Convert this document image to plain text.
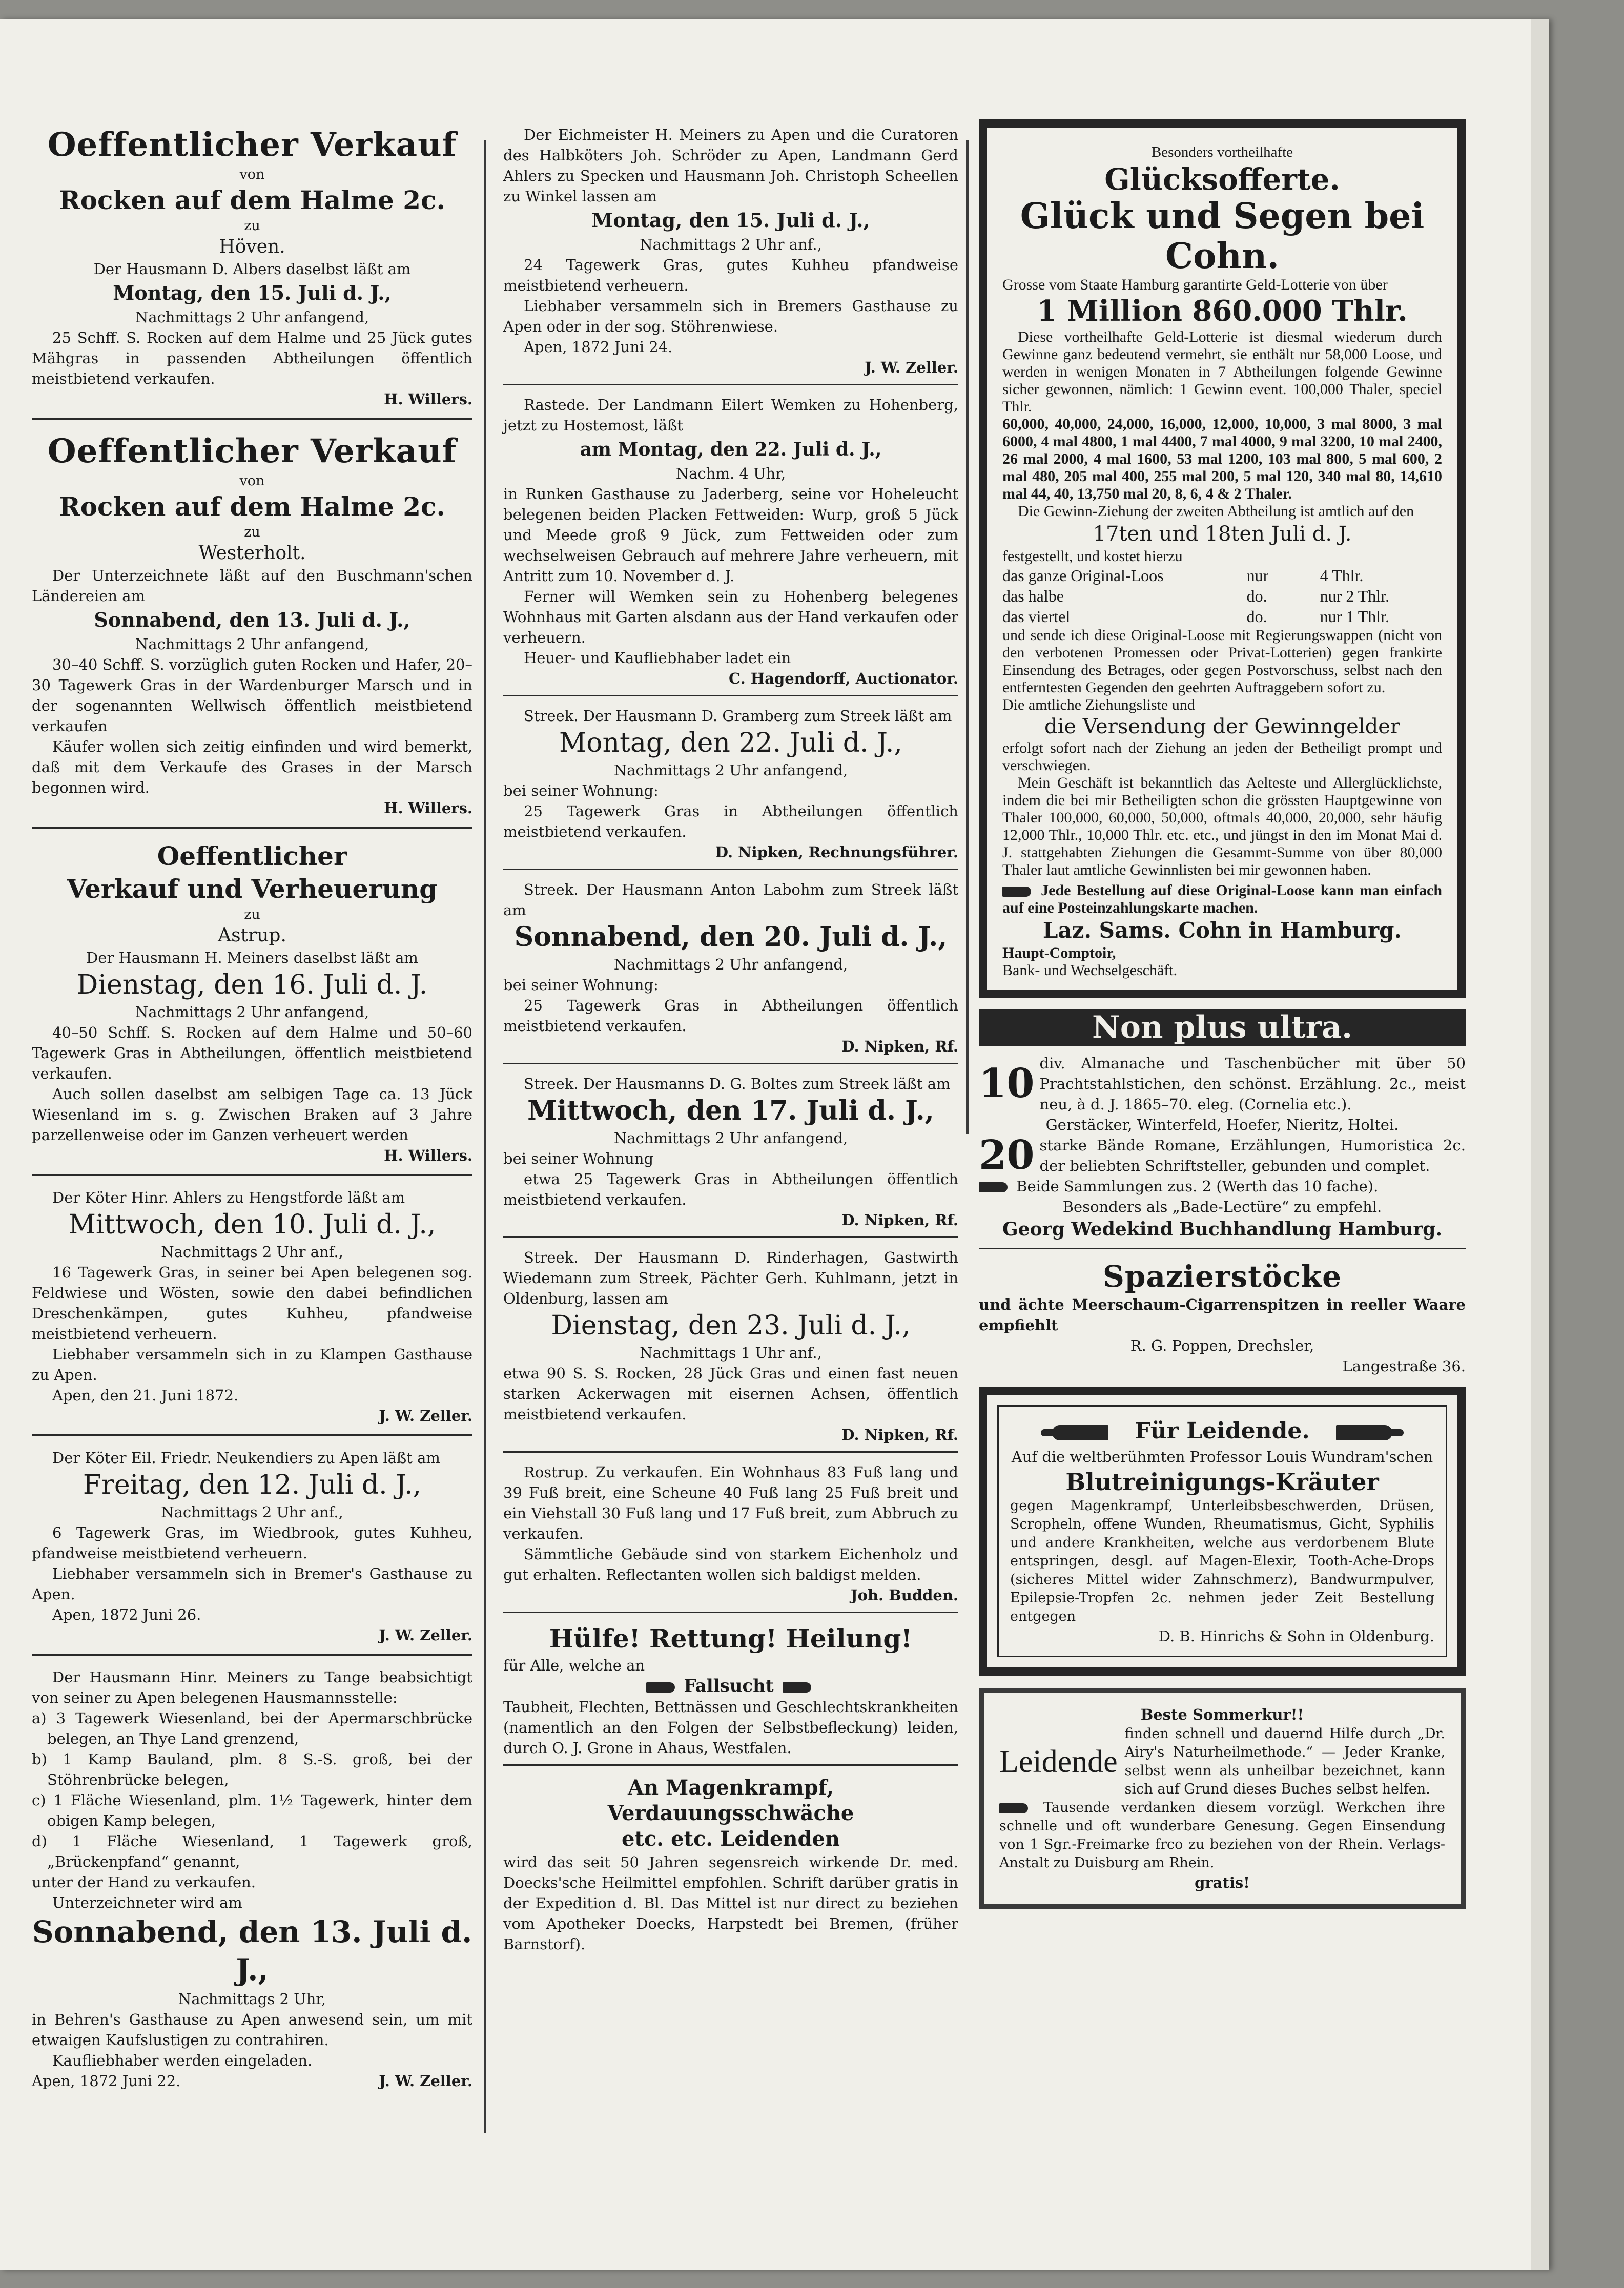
Oeffentlicher Verkauf

von

Rocken auf dem Halme 2c.

zu

Höven.

Der Hausmann D. Albers daselbst läßt am

Montag, den 15. Juli d. J.,

Nachmittags 2 Uhr anfangend,

25 Schff. S. Rocken auf dem Halme und 25 Jück gutes Mähgras in passenden Abtheilungen öffentlich meistbietend verkaufen.

H. Willers.

Oeffentlicher Verkauf

von

Rocken auf dem Halme 2c.

zu

Westerholt.

Der Unterzeichnete läßt auf den Buschmann'schen Ländereien am

Sonnabend, den 13. Juli d. J.,

Nachmittags 2 Uhr anfangend,

30–40 Schff. S. vorzüglich guten Rocken und Hafer, 20–30 Tagewerk Gras in der Wardenburger Marsch und in der sogenannten Wellwisch öffentlich meistbietend verkaufen

Käufer wollen sich zeitig einfinden und wird bemerkt, daß mit dem Verkaufe des Grases in der Marsch begonnen wird.

H. Willers.

Oeffentlicher

Verkauf und Verheuerung

zu

Astrup.

Der Hausmann H. Meiners daselbst läßt am

Dienstag, den 16. Juli d. J.

Nachmittags 2 Uhr anfangend,

40–50 Schff. S. Rocken auf dem Halme und 50–60 Tagewerk Gras in Abtheilungen, öffentlich meistbietend verkaufen.

Auch sollen daselbst am selbigen Tage ca. 13 Jück Wiesenland im s. g. Zwischen Braken auf 3 Jahre parzellenweise oder im Ganzen verheuert werden

H. Willers.

Der Köter Hinr. Ahlers zu Hengstforde läßt am

Mittwoch, den 10. Juli d. J.,

Nachmittags 2 Uhr anf.,

16 Tagewerk Gras, in seiner bei Apen belegenen sog. Feldwiese und Wösten, sowie den dabei befindlichen Dreschenkämpen, gutes Kuhheu, pfandweise meistbietend verheuern.

Liebhaber versammeln sich in zu Klampen Gasthause zu Apen.

Apen, den 21. Juni 1872.

J. W. Zeller.

Der Köter Eil. Friedr. Neukendiers zu Apen läßt am

Freitag, den 12. Juli d. J.,

Nachmittags 2 Uhr anf.,

6 Tagewerk Gras, im Wiedbrook, gutes Kuhheu, pfandweise meistbietend verheuern.

Liebhaber versammeln sich in Bremer's Gasthause zu Apen.

Apen, 1872 Juni 26.

J. W. Zeller.

Der Hausmann Hinr. Meiners zu Tange beabsichtigt von seiner zu Apen belegenen Hausmannsstelle:

a) 3 Tagewerk Wiesenland, bei der Apermarschbrücke belegen, an Thye Land grenzend,

b) 1 Kamp Bauland, plm. 8 S.-S. groß, bei der Stöhrenbrücke belegen,

c) 1 Fläche Wiesenland, plm. 1½ Tagewerk, hinter dem obigen Kamp belegen,

d) 1 Fläche Wiesenland, 1 Tagewerk groß, „Brückenpfand“ genannt,

unter der Hand zu verkaufen.

Unterzeichneter wird am

Sonnabend, den 13. Juli d. J.,

Nachmittags 2 Uhr,

in Behren's Gasthause zu Apen anwesend sein, um mit etwaigen Kaufslustigen zu contrahiren.

Kaufliebhaber werden eingeladen.

Apen, 1872 Juni 22.	J. W. Zeller.

Der Eichmeister H. Meiners zu Apen und die Curatoren des Halbköters Joh. Schröder zu Apen, Landmann Gerd Ahlers zu Specken und Hausmann Joh. Christoph Scheellen zu Winkel lassen am

Montag, den 15. Juli d. J.,

Nachmittags 2 Uhr anf.,

24 Tagewerk Gras, gutes Kuhheu pfandweise meistbietend verheuern.

Liebhaber versammeln sich in Bremers Gasthause zu Apen oder in der sog. Stöhrenwiese.

Apen, 1872 Juni 24.

J. W. Zeller.

Rastede. Der Landmann Eilert Wemken zu Hohenberg, jetzt zu Hostemost, läßt

am Montag, den 22. Juli d. J.,

Nachm. 4 Uhr,

in Runken Gasthause zu Jaderberg, seine vor Hoheleucht belegenen beiden Placken Fettweiden: Wurp, groß 5 Jück und Meede groß 9 Jück, zum Fettweiden oder zum wechselweisen Gebrauch auf mehrere Jahre verheuern, mit Antritt zum 10. November d. J.

Ferner will Wemken sein zu Hohenberg belegenes Wohnhaus mit Garten alsdann aus der Hand verkaufen oder verheuern.

Heuer- und Kaufliebhaber ladet ein

C. Hagendorff, Auctionator.

Streek. Der Hausmann D. Gramberg zum Streek läßt am

Montag, den 22. Juli d. J.,

Nachmittags 2 Uhr anfangend,

bei seiner Wohnung:

25 Tagewerk Gras in Abtheilungen öffentlich meistbietend verkaufen.

D. Nipken, Rechnungsführer.

Streek. Der Hausmann Anton Labohm zum Streek läßt am

Sonnabend, den 20. Juli d. J.,

Nachmittags 2 Uhr anfangend,

bei seiner Wohnung:

25 Tagewerk Gras in Abtheilungen öffentlich meistbietend verkaufen.

D. Nipken, Rf.

Streek. Der Hausmanns D. G. Boltes zum Streek läßt am

Mittwoch, den 17. Juli d. J.,

Nachmittags 2 Uhr anfangend,

bei seiner Wohnung

etwa 25 Tagewerk Gras in Abtheilungen öffentlich meistbietend verkaufen.

D. Nipken, Rf.

Streek. Der Hausmann D. Rinderhagen, Gastwirth Wiedemann zum Streek, Pächter Gerh. Kuhlmann, jetzt in Oldenburg, lassen am

Dienstag, den 23. Juli d. J.,

Nachmittags 1 Uhr anf.,

etwa 90 S. S. Rocken, 28 Jück Gras und einen fast neuen starken Ackerwagen mit eisernen Achsen, öffentlich meistbietend verkaufen.

D. Nipken, Rf.

Rostrup. Zu verkaufen. Ein Wohnhaus 83 Fuß lang und 39 Fuß breit, eine Scheune 40 Fuß lang 25 Fuß breit und ein Viehstall 30 Fuß lang und 17 Fuß breit, zum Abbruch zu verkaufen.

Sämmtliche Gebäude sind von starkem Eichenholz und gut erhalten. Reflectanten wollen sich baldigst melden.

Joh. Budden.

Hülfe! Rettung! Heilung!

für Alle, welche an

Fallsucht

Taubheit, Flechten, Bettnässen und Geschlechtskrankheiten (namentlich an den Folgen der Selbstbefleckung) leiden, durch O. J. Grone in Ahaus, Westfalen.

An Magenkrampf, Verdauungsschwäche

etc. etc. Leidenden

wird das seit 50 Jahren segensreich wirkende Dr. med. Doecks'sche Heilmittel empfohlen. Schrift darüber gratis in der Expedition d. Bl. Das Mittel ist nur direct zu beziehen vom Apotheker Doecks, Harpstedt bei Bremen, (früher Barnstorf).

Besonders vortheilhafte

Glücksofferte.

Glück und Segen bei Cohn.

Grosse vom Staate Hamburg garantirte Geld-Lotterie von über

1 Million 860.000 Thlr.

Diese vortheilhafte Geld-Lotterie ist diesmal wiederum durch Gewinne ganz bedeutend vermehrt, sie enthält nur 58,000 Loose, und werden in wenigen Monaten in 7 Abtheilungen folgende Gewinne sicher gewonnen, nämlich: 1 Gewinn event. 100,000 Thaler, speciel Thlr.

60,000, 40,000, 24,000, 16,000, 12,000, 10,000, 3 mal 8000, 3 mal 6000, 4 mal 4800, 1 mal 4400, 7 mal 4000, 9 mal 3200, 10 mal 2400, 26 mal 2000, 4 mal 1600, 53 mal 1200, 103 mal 800, 5 mal 600, 2 mal 480, 205 mal 400, 255 mal 200, 5 mal 120, 340 mal 80, 14,610 mal 44, 40, 13,750 mal 20, 8, 6, 4 & 2 Thaler.

Die Gewinn-Ziehung der zweiten Abtheilung ist amtlich auf den

17ten und 18ten Juli d. J.

festgestellt, und kostet hierzu

das ganze Original-Loos	nur	4 Thlr.
das halbe	do.	nur 2 Thlr.
das viertel	do.	nur 1 Thlr.

und sende ich diese Original-Loose mit Regierungswappen (nicht von den verbotenen Promessen oder Privat-Lotterien) gegen frankirte Einsendung des Betrages, oder gegen Postvorschuss, selbst nach den entferntesten Gegenden den geehrten Auftraggebern sofort zu.

Die amtliche Ziehungsliste und

die Versendung der Gewinngelder

erfolgt sofort nach der Ziehung an jeden der Betheiligt prompt und verschwiegen.

Mein Geschäft ist bekanntlich das Aelteste und Allerglücklichste, indem die bei mir Betheiligten schon die grössten Hauptgewinne von Thaler 100,000, 60,000, 50,000, oftmals 40,000, 20,000, sehr häufig 12,000 Thlr., 10,000 Thlr. etc. etc., und jüngst in den im Monat Mai d. J. stattgehabten Ziehungen die Gesammt-Summe von über 80,000 Thaler laut amtliche Gewinnlisten bei mir gewonnen haben.

Jede Bestellung auf diese Original-Loose kann man einfach auf eine Posteinzahlungskarte machen.

Laz. Sams. Cohn in Hamburg.

Haupt-Comptoir,

Bank- und Wechselgeschäft.

Non plus ultra.
10 div. Almanache und Taschenbücher mit über 50 Prachtstahlstichen, den schönst. Erzählung. 2c., meist neu, à d. J. 1865–70. eleg. (Cornelia etc.).

Gerstäcker, Winterfeld, Hoefer, Nieritz, Holtei.

20 starke Bände Romane, Erzählungen, Humoristica 2c. der beliebten Schriftsteller, gebunden und complet.

Beide Sammlungen zus. 2 (Werth das 10 fache).

Besonders als „Bade-Lectüre“ zu empfehl.

Georg Wedekind Buchhandlung Hamburg.

Spazierstöcke

und ächte Meerschaum-Cigarrenspitzen in reeller Waare empfiehlt

R. G. Poppen, Drechsler,

Langestraße 36.

Für Leidende.

Auf die weltberühmten Professor Louis Wundram'schen

Blutreinigungs-Kräuter

gegen Magenkrampf, Unterleibsbeschwerden, Drüsen, Scropheln, offene Wunden, Rheumatismus, Gicht, Syphilis und andere Krankheiten, welche aus verdorbenem Blute entspringen, desgl. auf Magen-Elexir, Tooth-Ache-Drops (sicheres Mittel wider Zahnschmerz), Bandwurmpulver, Epilepsie-Tropfen 2c. nehmen jeder Zeit Bestellung entgegen

D. B. Hinrichs & Sohn in Oldenburg.

Beste Sommerkur!!

Leidende

finden schnell und dauernd Hilfe durch „Dr. Airy's Naturheilmethode.“ — Jeder Kranke, selbst wenn als unheilbar bezeichnet, kann sich auf Grund dieses Buches selbst helfen.

Tausende verdanken diesem vorzügl. Werkchen ihre schnelle und oft wunderbare Genesung. Gegen Einsendung von 1 Sgr.-Freimarke frco zu beziehen von der Rhein. Verlags-Anstalt zu Duisburg am Rhein.

gratis!
